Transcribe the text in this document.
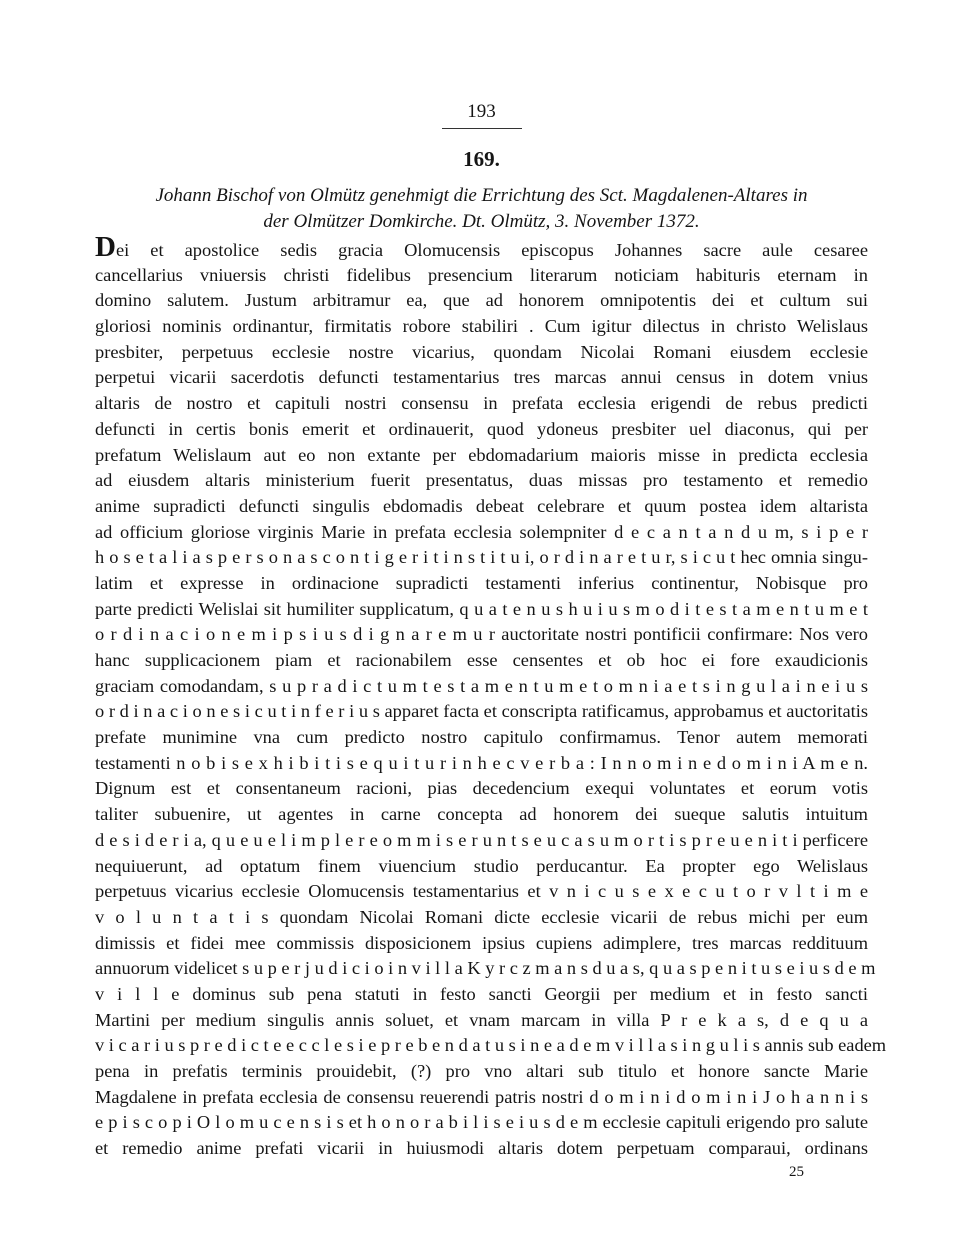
193
169.
Johann Bischof von Olmütz genehmigt die Errichtung des Sct. Magdalenen-Altares in
der Olmützer Domkirche. Dt. Olmütz, 3. November 1372.
Dei et apostolice sedis gracia Olomucensis episcopus Johannes sacre aule cesaree
cancellarius vniuersis christi fidelibus presencium literarum noticiam habituris eternam in
domino salutem. Justum arbitramur ea, que ad honorem omnipotentis dei et cultum sui
gloriosi nominis ordinantur, firmitatis robore stabiliri . Cum igitur dilectus in christo Welislaus
presbiter, perpetuus ecclesie nostre vicarius, quondam Nicolai Romani eiusdem ecclesie
perpetui vicarii sacerdotis defuncti testamentarius tres marcas annui census in dotem vnius
altaris de nostro et capituli nostri consensu in prefata ecclesia erigendi de rebus predicti
defuncti in certis bonis emerit et ordinauerit, quod ydoneus presbiter uel diaconus, qui per
prefatum Welislaum aut eo non extante per ebdomadarium maioris misse in predicta ecclesia
ad eiusdem altaris ministerium fuerit presentatus, duas missas pro testamento et remedio
anime supradicti defuncti singulis ebdomadis debeat celebrare et quum postea idem altarista
ad officium gloriose virginis Marie in prefata ecclesia solempniter d e c a n t a n d u m, s i p e r
h o s e t a l i a s p e r s o n a s c o n t i g e r i t i n s t i t u i, o r d i n a r e t u r, s i c u t hec omnia singu-
latim et expresse in ordinacione supradicti testamenti inferius continentur, Nobisque pro
parte predicti Welislai sit humiliter supplicatum, q u a t e n u s h u i u s m o d i t e s t a m e n t u m e t
o r d i n a c i o n e m i p s i u s d i g n a r e m u r auctoritate nostri pontificii confirmare: Nos vero
hanc supplicacionem piam et racionabilem esse censentes et ob hoc ei fore exaudicionis
graciam comodandam, s u p r a d i c t u m t e s t a m e n t u m e t o m n i a e t s i n g u l a i n e i u s
o r d i n a c i o n e s i c u t i n f e r i u s apparet facta et conscripta ratificamus, approbamus et auctoritatis
prefate munimine vna cum predicto nostro capitulo confirmamus. Tenor autem memorati
testamenti n o b i s e x h i b i t i s e q u i t u r i n h e c v e r b a : I n n o m i n e d o m i n i A m e n.
Dignum est et consentaneum racioni, pias decedencium exequi voluntates et eorum votis
taliter subuenire, ut agentes in carne concepta ad honorem dei sueque salutis intuitum
d e s i d e r i a, q u e u e l i m p l e r e o m m i s e r u n t s e u c a s u m o r t i s p r e u e n i t i perficere
nequiuerunt, ad optatum finem viuencium studio perducantur. Ea propter ego Welislaus
perpetuus vicarius ecclesie Olomucensis testamentarius et v n i c u s e x e c u t o r v l t i m e
v o l u n t a t i s quondam Nicolai Romani dicte ecclesie vicarii de rebus michi per eum
dimissis et fidei mee commissis disposicionem ipsius cupiens adimplere, tres marcas reddituum
annuorum videlicet s u p e r j u d i c i o i n v i l l a K y r c z m a n s d u a s, q u a s p e n i t u s e i u s d e m
v i l l e dominus sub pena statuti in festo sancti Georgii per medium et in festo sancti
Martini per medium singulis annis soluet, et vnam marcam in villa P r e k a s, d e q u a
v i c a r i u s p r e d i c t e e c c l e s i e p r e b e n d a t u s i n e a d e m v i l l a s i n g u l i s annis sub eadem
pena in prefatis terminis prouidebit, (?) pro vno altari sub titulo et honore sancte Marie
Magdalene in prefata ecclesia de consensu reuerendi patris nostri d o m i n i d o m i n i J o h a n n i s
e p i s c o p i O l o m u c e n s i s et h o n o r a b i l i s e i u s d e m ecclesie capituli erigendo pro salute
et remedio anime prefati vicarii in huiusmodi altaris dotem perpetuam comparaui, ordinans
25
